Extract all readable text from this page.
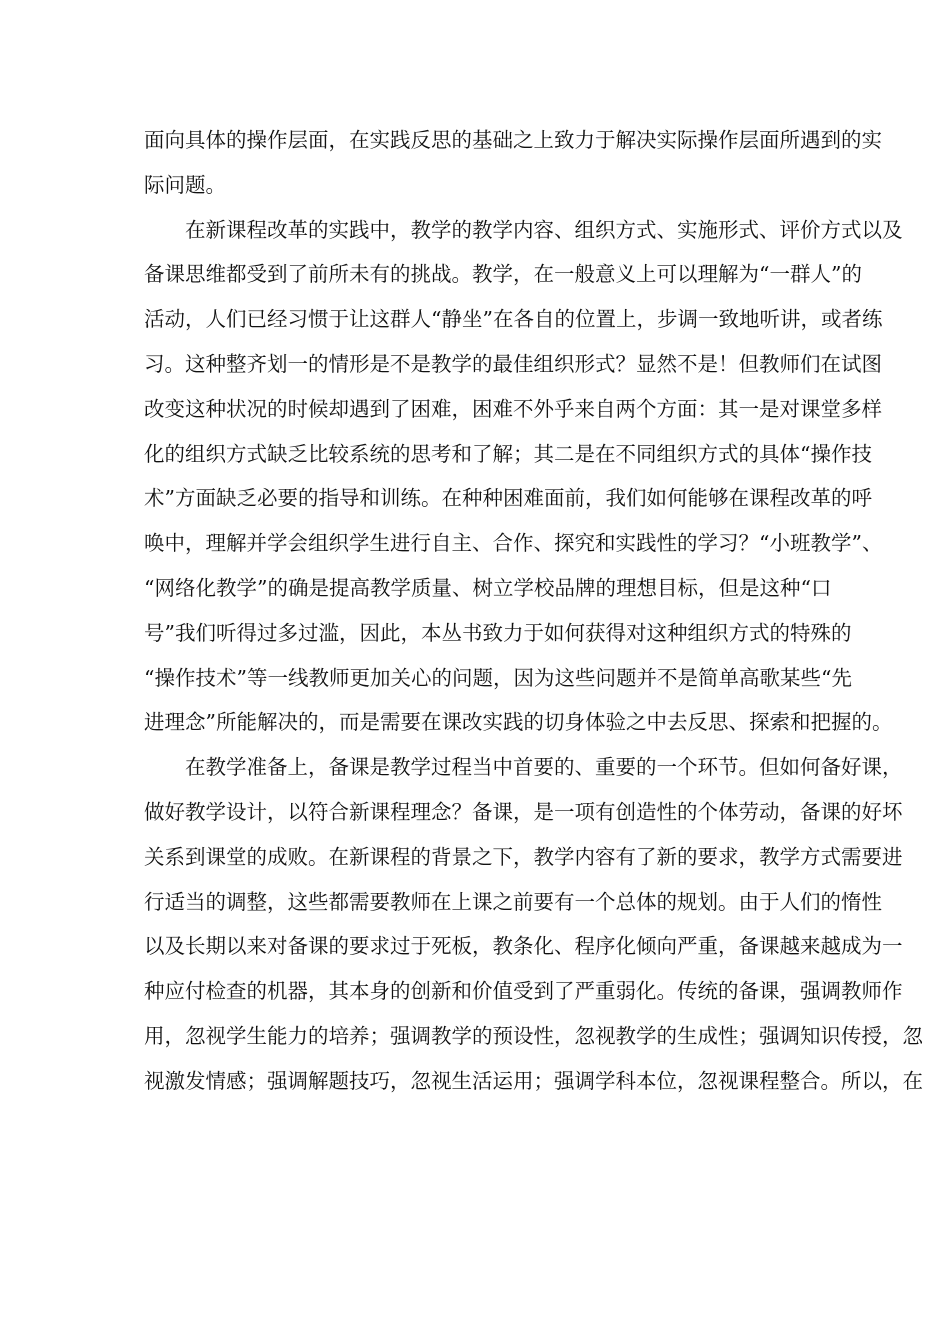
面向具体的操作层面，在实践反思的基础之上致力于解决实际操作层面所遇到的实
际问题。
在新课程改革的实践中，教学的教学内容、组织方式、实施形式、评价方式以及
备课思维都受到了前所未有的挑战。教学，在一般意义上可以理解为“一群人”的
活动，人们已经习惯于让这群人“静坐”在各自的位置上，步调一致地听讲，或者练
习。这种整齐划一的情形是不是教学的最佳组织形式？显然不是！但教师们在试图
改变这种状况的时候却遇到了困难，困难不外乎来自两个方面：其一是对课堂多样
化的组织方式缺乏比较系统的思考和了解；其二是在不同组织方式的具体“操作技
术”方面缺乏必要的指导和训练。在种种困难面前，我们如何能够在课程改革的呼
唤中，理解并学会组织学生进行自主、合作、探究和实践性的学习？“小班教学”、
“网络化教学”的确是提高教学质量、树立学校品牌的理想目标，但是这种“口
号”我们听得过多过滥，因此，本丛书致力于如何获得对这种组织方式的特殊的
“操作技术”等一线教师更加关心的问题，因为这些问题并不是简单高歌某些“先
进理念”所能解决的，而是需要在课改实践的切身体验之中去反思、探索和把握的。
在教学准备上，备课是教学过程当中首要的、重要的一个环节。但如何备好课，
做好教学设计，以符合新课程理念？备课，是一项有创造性的个体劳动，备课的好坏
关系到课堂的成败。在新课程的背景之下，教学内容有了新的要求，教学方式需要进
行适当的调整，这些都需要教师在上课之前要有一个总体的规划。由于人们的惰性
以及长期以来对备课的要求过于死板，教条化、程序化倾向严重，备课越来越成为一
种应付检查的机器，其本身的创新和价值受到了严重弱化。传统的备课，强调教师作
用，忽视学生能力的培养；强调教学的预设性，忽视教学的生成性；强调知识传授，忽
视激发情感；强调解题技巧，忽视生活运用；强调学科本位，忽视课程整合。所以，在
